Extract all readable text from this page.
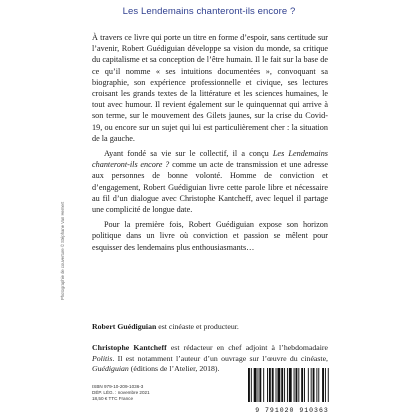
Les Lendemains chanteront-ils encore ?

À travers ce livre qui porte un titre en forme d’espoir, sans certitude sur l’avenir, Robert Guédiguian développe sa vision du monde, sa critique du capitalisme et sa conception de l’être humain. Il le fait sur la base de ce qu’il nomme « ses intuitions documentées », convoquant sa biographie, son expérience professionnelle et civique, ses lectures croisant les grands textes de la littérature et les sciences humaines, le tout avec humour. Il revient également sur le quinquennat qui arrive à son terme, sur le mouvement des Gilets jaunes, sur la crise du Covid-19, ou encore sur un sujet qui lui est particulièrement cher : la situation de la gauche.

Ayant fondé sa vie sur le collectif, il a conçu Les Lendemains chanteront-ils encore ? comme un acte de transmission et une adresse aux personnes de bonne volonté. Homme de conviction et d’engagement, Robert Guédiguian livre cette parole libre et nécessaire au fil d’un dialogue avec Christophe Kantcheff, avec lequel il partage une complicité de longue date.

Pour la première fois, Robert Guédiguian expose son horizon politique dans un livre où conviction et passion se mêlent pour esquisser des lendemains plus enthousiasmants…

Robert Guédiguian est cinéaste et producteur.
Christophe Kantcheff est rédacteur en chef adjoint à l’hebdomadaire Politis. Il est notamment l’auteur d’un ouvrage sur l’œuvre du cinéaste, Guédiguian (éditions de l’Atelier, 2018).
Photographie de couverture © Stéphane Van Hemert
ISBN 979-10-209-1036-3
DÉP. LÉG. : novembre 2021
18,50 € TTC France
9 791020 910363
